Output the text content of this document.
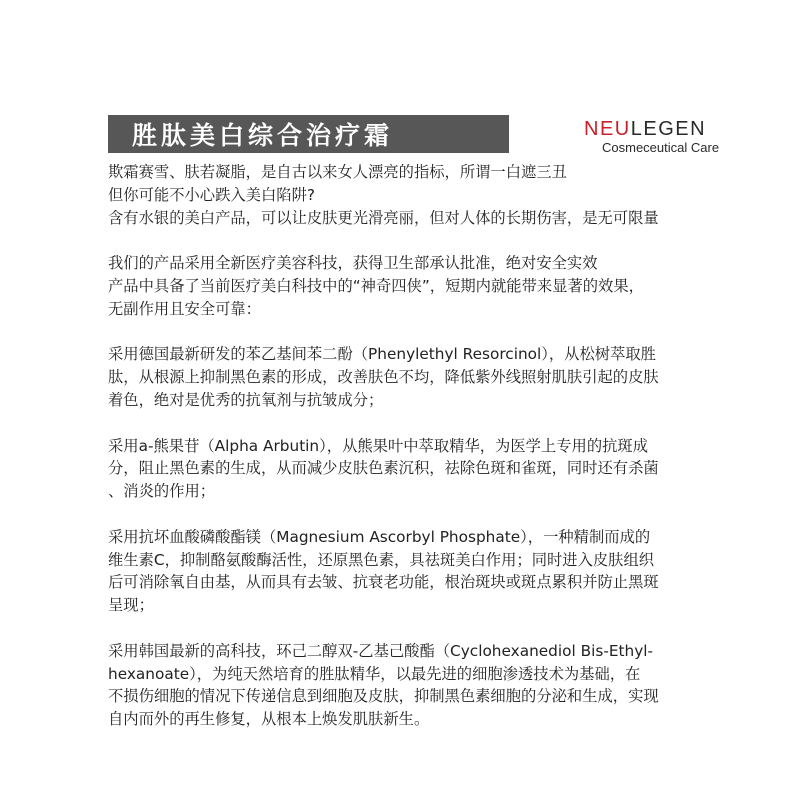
胜肽美白综合治疗霜	NEULEGEN
Cosmeceutical Care

欺霜赛雪、肤若凝脂，是自古以来女人漂亮的指标，所谓一白遮三丑
但你可能不小心跌入美白陷阱?
含有水银的美白产品，可以让皮肤更光滑亮丽，但对人体的长期伤害，是无可限量

我们的产品采用全新医疗美容科技，获得卫生部承认批准，绝对安全实效
产品中具备了当前医疗美白科技中的“神奇四侠”，短期内就能带来显著的效果，
无副作用且安全可靠：

采用德国最新研发的苯乙基间苯二酚（Phenylethyl Resorcinol），从松树萃取胜
肽，从根源上抑制黑色素的形成，改善肤色不均，降低紫外线照射肌肤引起的皮肤
着色，绝对是优秀的抗氧剂与抗皱成分；

采用a-熊果苷（Alpha Arbutin），从熊果叶中萃取精华，为医学上专用的抗斑成
分，阻止黑色素的生成，从而减少皮肤色素沉积，祛除色斑和雀斑，同时还有杀菌
、消炎的作用；

采用抗坏血酸磷酸酯镁（Magnesium Ascorbyl Phosphate），一种精制而成的
维生素C，抑制酪氨酸酶活性，还原黑色素，具祛斑美白作用；同时进入皮肤组织
后可消除氧自由基，从而具有去皱、抗衰老功能，根治斑块或斑点累积并防止黑斑
呈现；

采用韩国最新的高科技，环己二醇双-乙基己酸酯（Cyclohexanediol Bis-Ethyl-
hexanoate），为纯天然培育的胜肽精华，以最先进的细胞渗透技术为基础，在
不损伤细胞的情况下传递信息到细胞及皮肤，抑制黑色素细胞的分泌和生成，实现
自内而外的再生修复，从根本上焕发肌肤新生。
